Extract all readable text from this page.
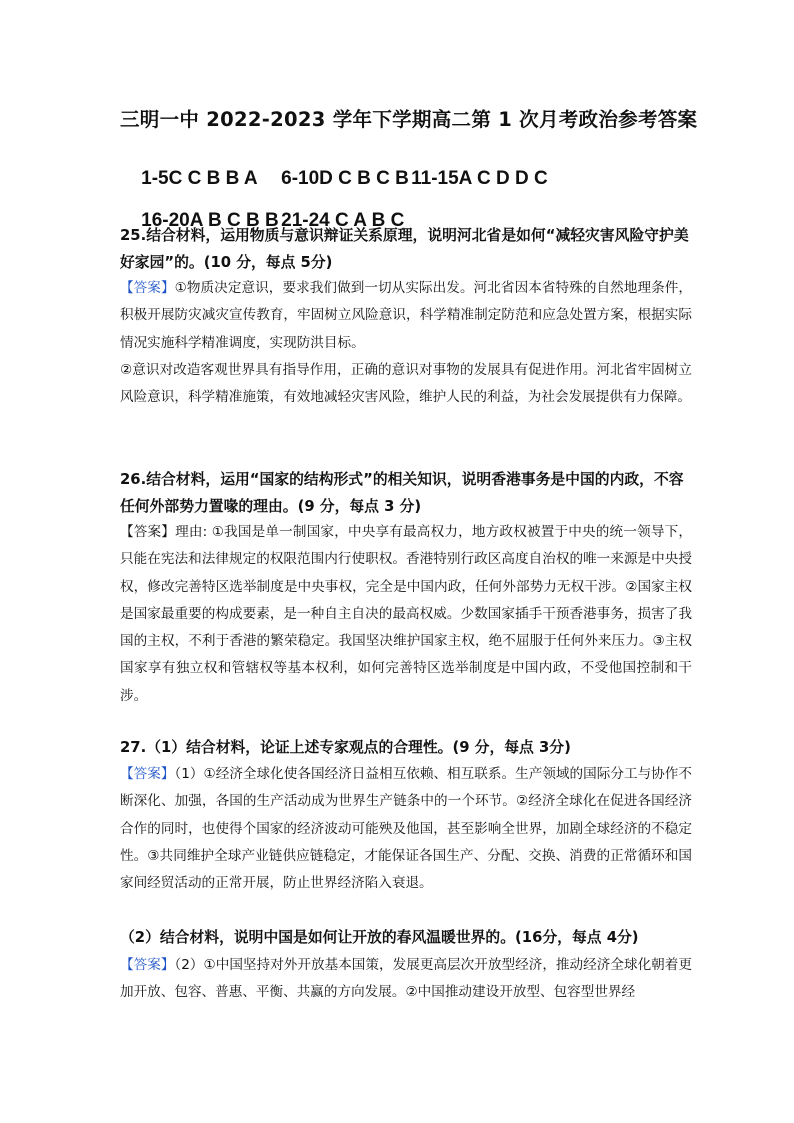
三明一中 2022-2023 学年下学期高二第 1 次月考政治参考答案

1-5C C B B A 6-10D C B C B 11-15A C D D C

16-20A B C B B 21-24 C A B C

25.结合材料，运用物质与意识辩证关系原理，说明河北省是如何“减轻灾害风险守护美好家园”的。(10 分，每点 5分)

【答案】①物质决定意识，要求我们做到一切从实际出发。河北省因本省特殊的自然地理条件，积极开展防灾减灾宣传教育，牢固树立风险意识，科学精准制定防范和应急处置方案，根据实际情况实施科学精准调度，实现防洪目标。
②意识对改造客观世界具有指导作用，正确的意识对事物的发展具有促进作用。河北省牢固树立风险意识，科学精准施策，有效地减轻灾害风险，维护人民的利益，为社会发展提供有力保障。

26.结合材料，运用“国家的结构形式”的相关知识，说明香港事务是中国的内政，不容任何外部势力置喙的理由。(9 分，每点 3 分)

【答案】理由: ①我国是单一制国家，中央享有最高权力，地方政权被置于中央的统一领导下，只能在宪法和法律规定的权限范围内行使职权。香港特别行政区高度自治权的唯一来源是中央授权，修改完善特区选举制度是中央事权，完全是中国内政，任何外部势力无权干涉。②国家主权是国家最重要的构成要素，是一种自主自决的最高权威。少数国家插手干预香港事务，损害了我国的主权，不利于香港的繁荣稳定。我国坚决维护国家主权，绝不屈服于任何外来压力。③主权国家享有独立权和管辖权等基本权利，如何完善特区选举制度是中国内政，不受他国控制和干涉。

27.（1）结合材料，论证上述专家观点的合理性。(9 分，每点 3分)

【答案】（1）①经济全球化使各国经济日益相互依赖、相互联系。生产领域的国际分工与协作不断深化、加强，各国的生产活动成为世界生产链条中的一个环节。②经济全球化在促进各国经济合作的同时，也使得个国家的经济波动可能殃及他国，甚至影响全世界，加剧全球经济的不稳定性。③共同维护全球产业链供应链稳定，才能保证各国生产、分配、交换、消费的正常循环和国家间经贸活动的正常开展，防止世界经济陷入衰退。

（2）结合材料，说明中国是如何让开放的春风温暖世界的。(16分，每点 4分)

【答案】（2）①中国坚持对外开放基本国策，发展更高层次开放型经济，推动经济全球化朝着更加开放、包容、普惠、平衡、共赢的方向发展。②中国推动建设开放型、包容型世界经
